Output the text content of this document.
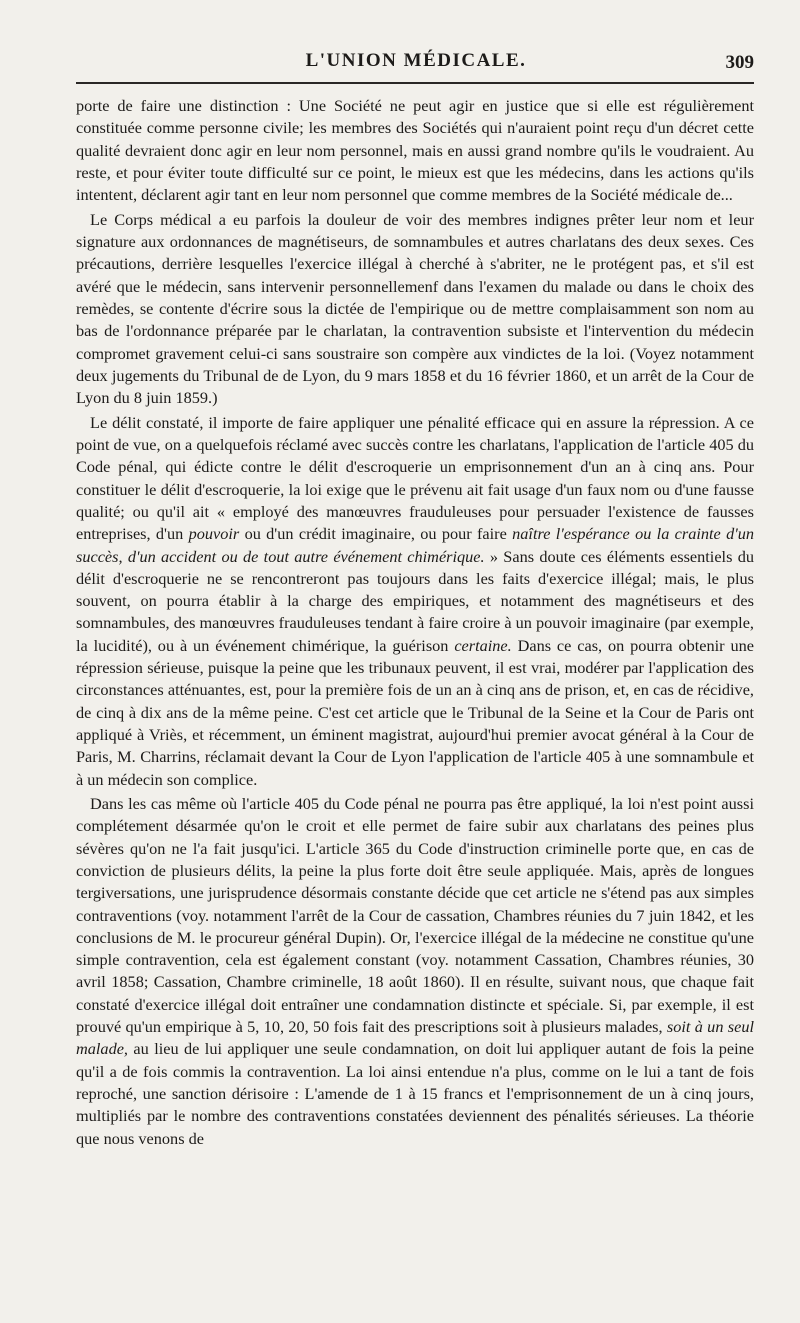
L'UNION MÉDICALE.	309

porte de faire une distinction : Une Société ne peut agir en justice que si elle est régulièrement constituée comme personne civile; les membres des Sociétés qui n'auraient point reçu d'un décret cette qualité devraient donc agir en leur nom personnel, mais en aussi grand nombre qu'ils le voudraient. Au reste, et pour éviter toute difficulté sur ce point, le mieux est que les médecins, dans les actions qu'ils intentent, déclarent agir tant en leur nom personnel que comme membres de la Société médicale de...

Le Corps médical a eu parfois la douleur de voir des membres indignes prêter leur nom et leur signature aux ordonnances de magnétiseurs, de somnambules et autres charlatans des deux sexes. Ces précautions, derrière lesquelles l'exercice illégal à cherché à s'abriter, ne le protégent pas, et s'il est avéré que le médecin, sans intervenir personnellemenf dans l'examen du malade ou dans le choix des remèdes, se contente d'écrire sous la dictée de l'empirique ou de mettre complaisamment son nom au bas de l'ordonnance préparée par le charlatan, la contravention subsiste et l'intervention du médecin compromet gravement celui-ci sans soustraire son compère aux vindictes de la loi. (Voyez notamment deux jugements du Tribunal de de Lyon, du 9 mars 1858 et du 16 février 1860, et un arrêt de la Cour de Lyon du 8 juin 1859.)

Le délit constaté, il importe de faire appliquer une pénalité efficace qui en assure la répression. A ce point de vue, on a quelquefois réclamé avec succès contre les charlatans, l'application de l'article 405 du Code pénal, qui édicte contre le délit d'escroquerie un emprisonnement d'un an à cinq ans. Pour constituer le délit d'escroquerie, la loi exige que le prévenu ait fait usage d'un faux nom ou d'une fausse qualité; ou qu'il ait « employé des manœuvres frauduleuses pour persuader l'existence de fausses entreprises, d'un pouvoir ou d'un crédit imaginaire, ou pour faire naître l'espérance ou la crainte d'un succès, d'un accident ou de tout autre événement chimérique. » Sans doute ces éléments essentiels du délit d'escroquerie ne se rencontreront pas toujours dans les faits d'exercice illégal; mais, le plus souvent, on pourra établir à la charge des empiriques, et notamment des magnétiseurs et des somnambules, des manœuvres frauduleuses tendant à faire croire à un pouvoir imaginaire (par exemple, la lucidité), ou à un événement chimérique, la guérison certaine. Dans ce cas, on pourra obtenir une répression sérieuse, puisque la peine que les tribunaux peuvent, il est vrai, modérer par l'application des circonstances atténuantes, est, pour la première fois de un an à cinq ans de prison, et, en cas de récidive, de cinq à dix ans de la même peine. C'est cet article que le Tribunal de la Seine et la Cour de Paris ont appliqué à Vriès, et récemment, un éminent magistrat, aujourd'hui premier avocat général à la Cour de Paris, M. Charrins, réclamait devant la Cour de Lyon l'application de l'article 405 à une somnambule et à un médecin son complice.

Dans les cas même où l'article 405 du Code pénal ne pourra pas être appliqué, la loi n'est point aussi complétement désarmée qu'on le croit et elle permet de faire subir aux charlatans des peines plus sévères qu'on ne l'a fait jusqu'ici. L'article 365 du Code d'instruction criminelle porte que, en cas de conviction de plusieurs délits, la peine la plus forte doit être seule appliquée. Mais, après de longues tergiversations, une jurisprudence désormais constante décide que cet article ne s'étend pas aux simples contraventions (voy. notamment l'arrêt de la Cour de cassation, Chambres réunies du 7 juin 1842, et les conclusions de M. le procureur général Dupin). Or, l'exercice illégal de la médecine ne constitue qu'une simple contravention, cela est également constant (voy. notamment Cassation, Chambres réunies, 30 avril 1858; Cassation, Chambre criminelle, 18 août 1860). Il en résulte, suivant nous, que chaque fait constaté d'exercice illégal doit entraîner une condamnation distincte et spéciale. Si, par exemple, il est prouvé qu'un empirique à 5, 10, 20, 50 fois fait des prescriptions soit à plusieurs malades, soit à un seul malade, au lieu de lui appliquer une seule condamnation, on doit lui appliquer autant de fois la peine qu'il a de fois commis la contravention. La loi ainsi entendue n'a plus, comme on le lui a tant de fois reproché, une sanction dérisoire : L'amende de 1 à 15 francs et l'emprisonnement de un à cinq jours, multipliés par le nombre des contraventions constatées deviennent des pénalités sérieuses. La théorie que nous venons de
